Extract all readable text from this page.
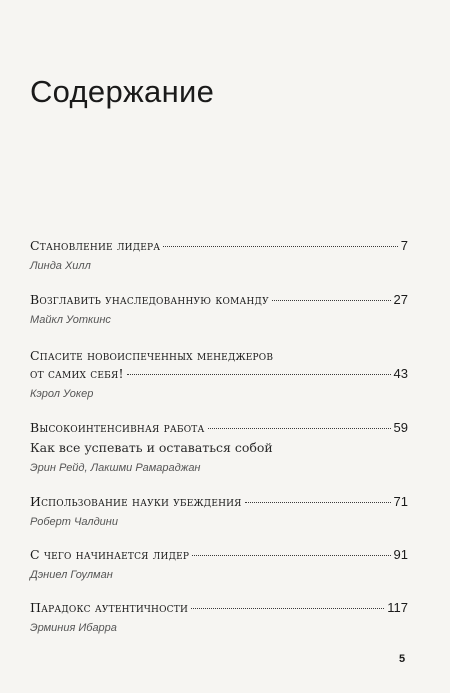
Содержание
Становление лидера	7
Линда Хилл
Возглавить унаследованную команду	27
Майкл Уоткинс
Спасите новоиспеченных менеджеров
от самих себя!	43
Кэрол Уокер
Высокоинтенсивная работа	59
Как все успевать и оставаться собой
Эрин Рейд, Лакшми Рамараджан
Использование науки убеждения	71
Роберт Чалдини
С чего начинается лидер	91
Дэниел Гоулман
Парадокс аутентичности	117
Эрминия Ибарра
5
